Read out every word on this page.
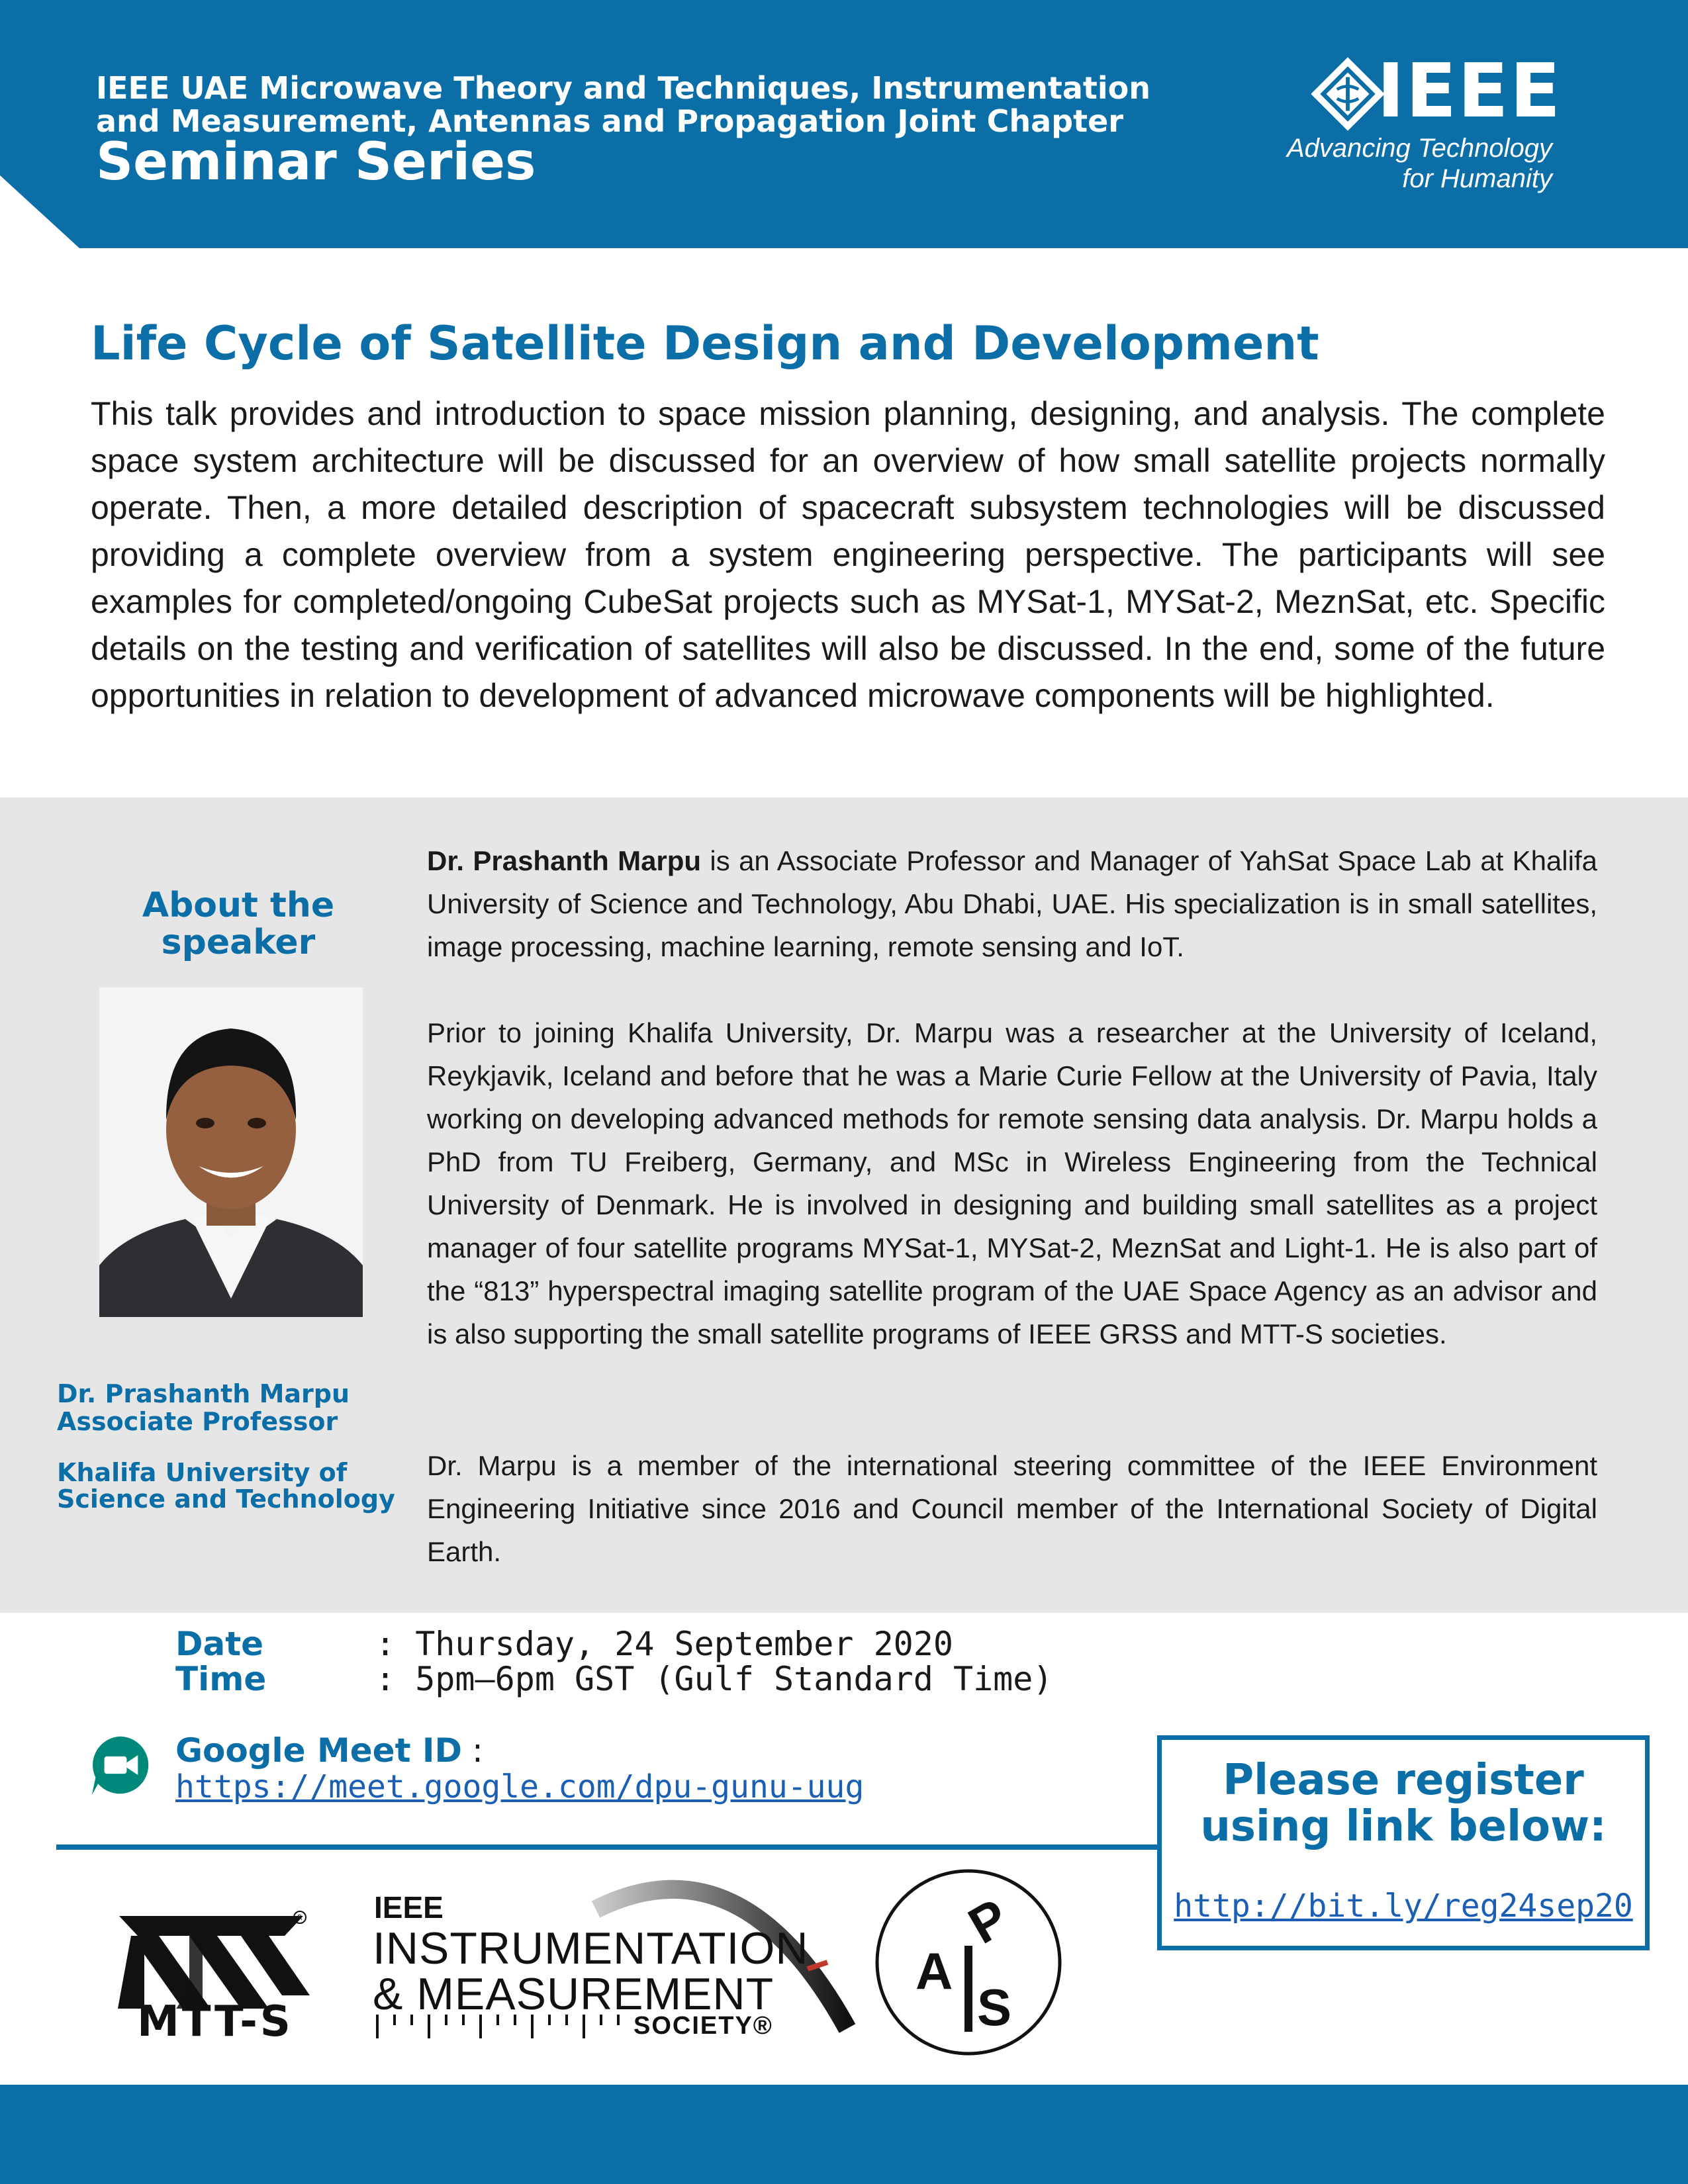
IEEE UAE Microwave Theory and Techniques, Instrumentation
and Measurement, Antennas and Propagation Joint Chapter
Seminar Series
IEEE
Advancing Technology
for Humanity
Life Cycle of Satellite Design and Development
This talk provides and introduction to space mission planning, designing, and analysis. The complete space system architecture will be discussed for an overview of how small satellite projects normally operate. Then, a more detailed description of spacecraft subsystem technologies will be discussed providing a complete overview from a system engineering perspective. The participants will see examples for completed/ongoing CubeSat projects such as MYSat-1, MYSat-2, MeznSat, etc. Specific details on the testing and verification of satellites will also be discussed. In the end, some of the future opportunities in relation to development of advanced microwave components will be highlighted.
About the speaker
Dr. Prashanth Marpu
Associate Professor
Khalifa University of
Science and Technology
Dr. Prashanth Marpu is an Associate Professor and Manager of YahSat Space Lab at Khalifa University of Science and Technology, Abu Dhabi, UAE. His specialization is in small satellites, image processing, machine learning, remote sensing and IoT.
Prior to joining Khalifa University, Dr. Marpu was a researcher at the University of Iceland, Reykjavik, Iceland and before that he was a Marie Curie Fellow at the University of Pavia, Italy working on developing advanced methods for remote sensing data analysis. Dr. Marpu holds a PhD from TU Freiberg, Germany, and MSc in Wireless Engineering from the Technical University of Denmark. He is involved in designing and building small satellites as a project manager of four satellite programs MYSat-1, MYSat-2, MeznSat and Light-1. He is also part of the “813” hyperspectral imaging satellite program of the UAE Space Agency as an advisor and is also supporting the small satellite programs of IEEE GRSS and MTT-S societies.
Dr. Marpu is a member of the international steering committee of the IEEE Environment Engineering Initiative since 2016 and Council member of the International Society of Digital Earth.
Date	: Thursday, 24 September 2020
Time	: 5pm—6pm GST (Gulf Standard Time)
Google Meet ID :
https://meet.google.com/dpu-gunu-uug	Please register
using link below:
http://bit.ly/reg24sep20
R
MTT-S
IEEE
INSTRUMENTATION
& MEASUREMENT
SOCIETY®
A
P
S
